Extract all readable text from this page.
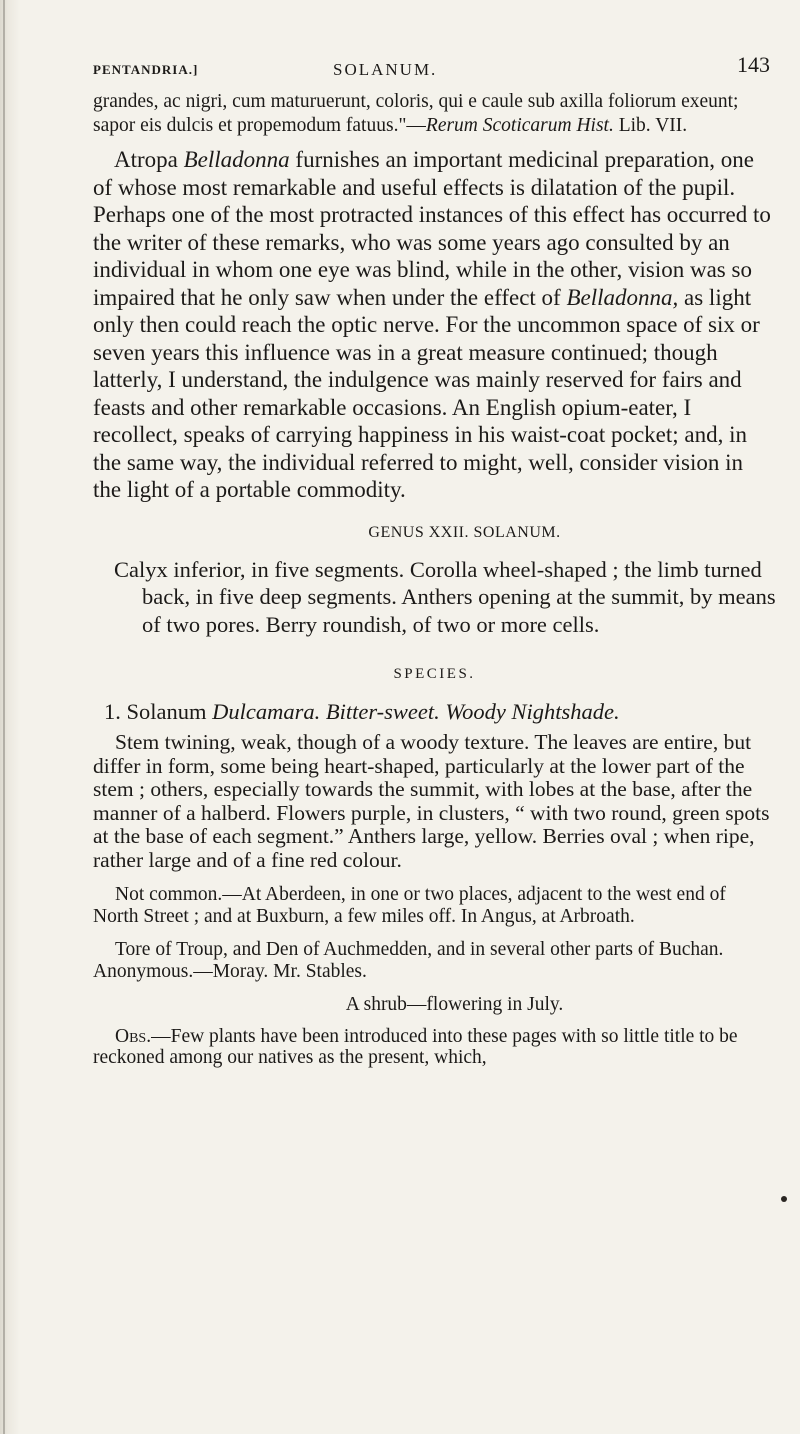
PENTANDRIA.]	SOLANUM.	143

grandes, ac nigri, cum maturuerunt, coloris, qui e caule sub axilla foliorum exeunt; sapor eis dulcis et propemodum fatuus."—Rerum Scoticarum Hist. Lib. VII.

Atropa Belladonna furnishes an important medicinal preparation, one of whose most remarkable and useful effects is dilatation of the pupil. Perhaps one of the most protracted instances of this effect has occurred to the writer of these remarks, who was some years ago consulted by an individual in whom one eye was blind, while in the other, vision was so impaired that he only saw when under the effect of Belladonna, as light only then could reach the optic nerve. For the uncommon space of six or seven years this influence was in a great measure continued; though latterly, I understand, the indulgence was mainly reserved for fairs and feasts and other remarkable occasions. An English opium-eater, I recollect, speaks of carrying happiness in his waist-coat pocket; and, in the same way, the individual referred to might, well, consider vision in the light of a portable commodity.

GENUS XXII. SOLANUM.

Calyx inferior, in five segments. Corolla wheel-shaped ; the limb turned back, in five deep segments. Anthers opening at the summit, by means of two pores. Berry roundish, of two or more cells.

SPECIES.

1. Solanum Dulcamara. Bitter-sweet. Woody Nightshade.

Stem twining, weak, though of a woody texture. The leaves are entire, but differ in form, some being heart-shaped, particularly at the lower part of the stem ; others, especially towards the summit, with lobes at the base, after the manner of a halberd. Flowers purple, in clusters, “ with two round, green spots at the base of each segment.” Anthers large, yellow. Berries oval ; when ripe, rather large and of a fine red colour.

Not common.—At Aberdeen, in one or two places, adjacent to the west end of North Street ; and at Buxburn, a few miles off. In Angus, at Arbroath.

Tore of Troup, and Den of Auchmedden, and in several other parts of Buchan. Anonymous.—Moray. Mr. Stables.

A shrub—flowering in July.

Obs.—Few plants have been introduced into these pages with so little title to be reckoned among our natives as the present, which,
